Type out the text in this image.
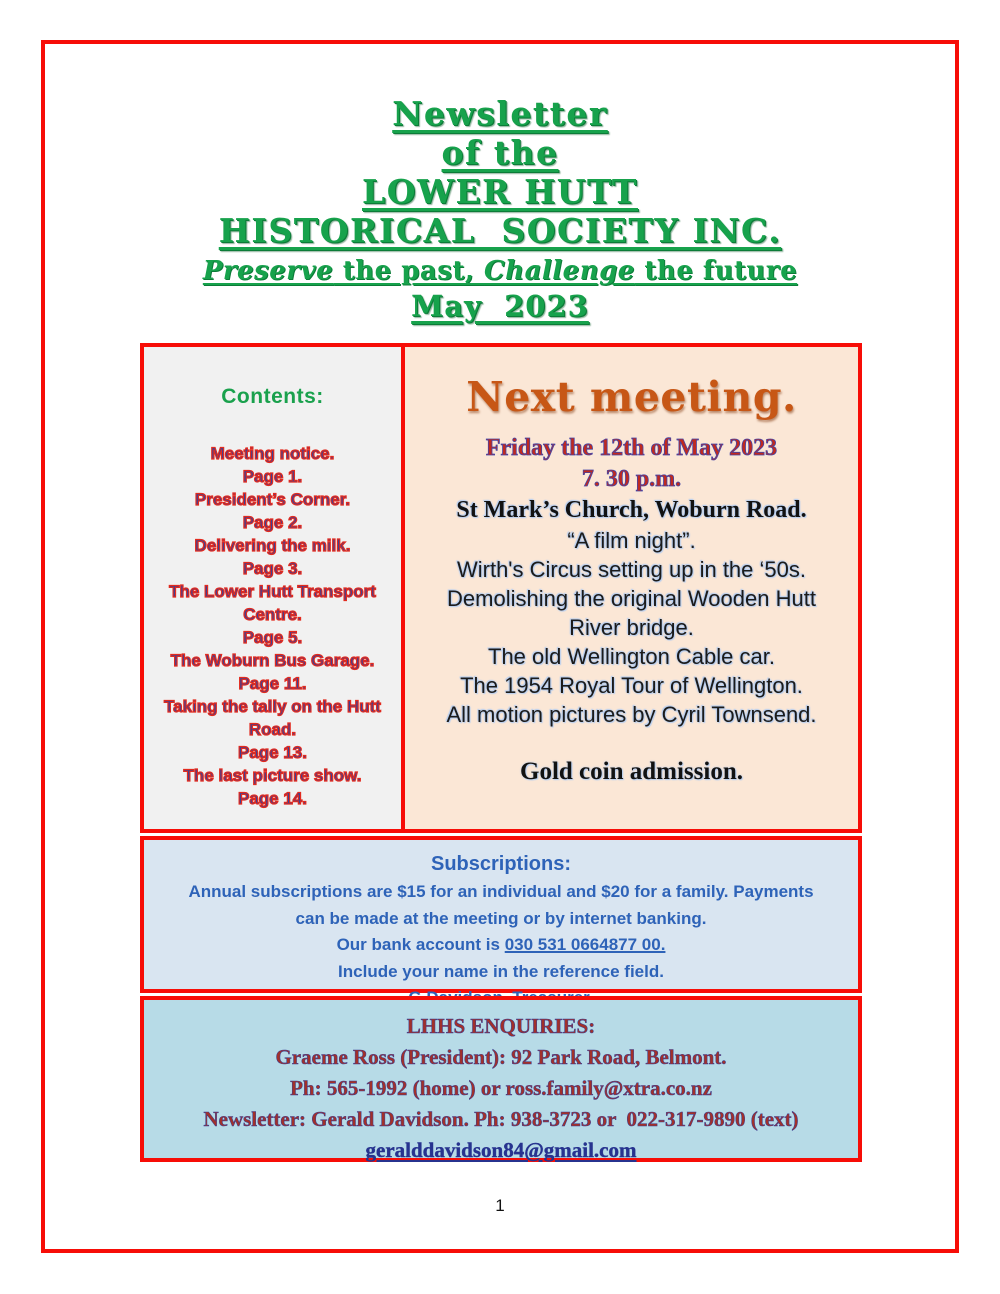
Newsletter
of the
LOWER HUTT
HISTORICAL  SOCIETY INC.
Preserve the past, Challenge the future
May  2023
Contents:
Meeting notice.
Page 1.
President’s Corner.
Page 2.
Delivering the milk.
Page 3.
The Lower Hutt Transport Centre.
Page 5.
The Woburn Bus Garage.
Page 11.
Taking the tally on the Hutt Road.
Page 13.
The last picture show.
Page 14.
Next meeting.
Friday the 12th of May 2023
7. 30 p.m.
St Mark’s Church, Woburn Road.
“A film night”.
Wirth's Circus setting up in the ‘50s.
Demolishing the original Wooden Hutt River bridge.
The old Wellington Cable car.
The 1954 Royal Tour of Wellington.
All motion pictures by Cyril Townsend.
Gold coin admission.
Subscriptions:
Annual subscriptions are $15 for an individual and $20 for a family. Payments can be made at the meeting or by internet banking.
Our bank account is 030 531 0664877 00.
Include your name in the reference field.
LHHS ENQUIRIES:
Graeme Ross (President): 92 Park Road, Belmont.
Ph: 565-1992 (home) or ross.family@xtra.co.nz
Newsletter: Gerald Davidson. Ph: 938-3723 or  022-317-9890 (text)
geralddavidson84@gmail.com
1
